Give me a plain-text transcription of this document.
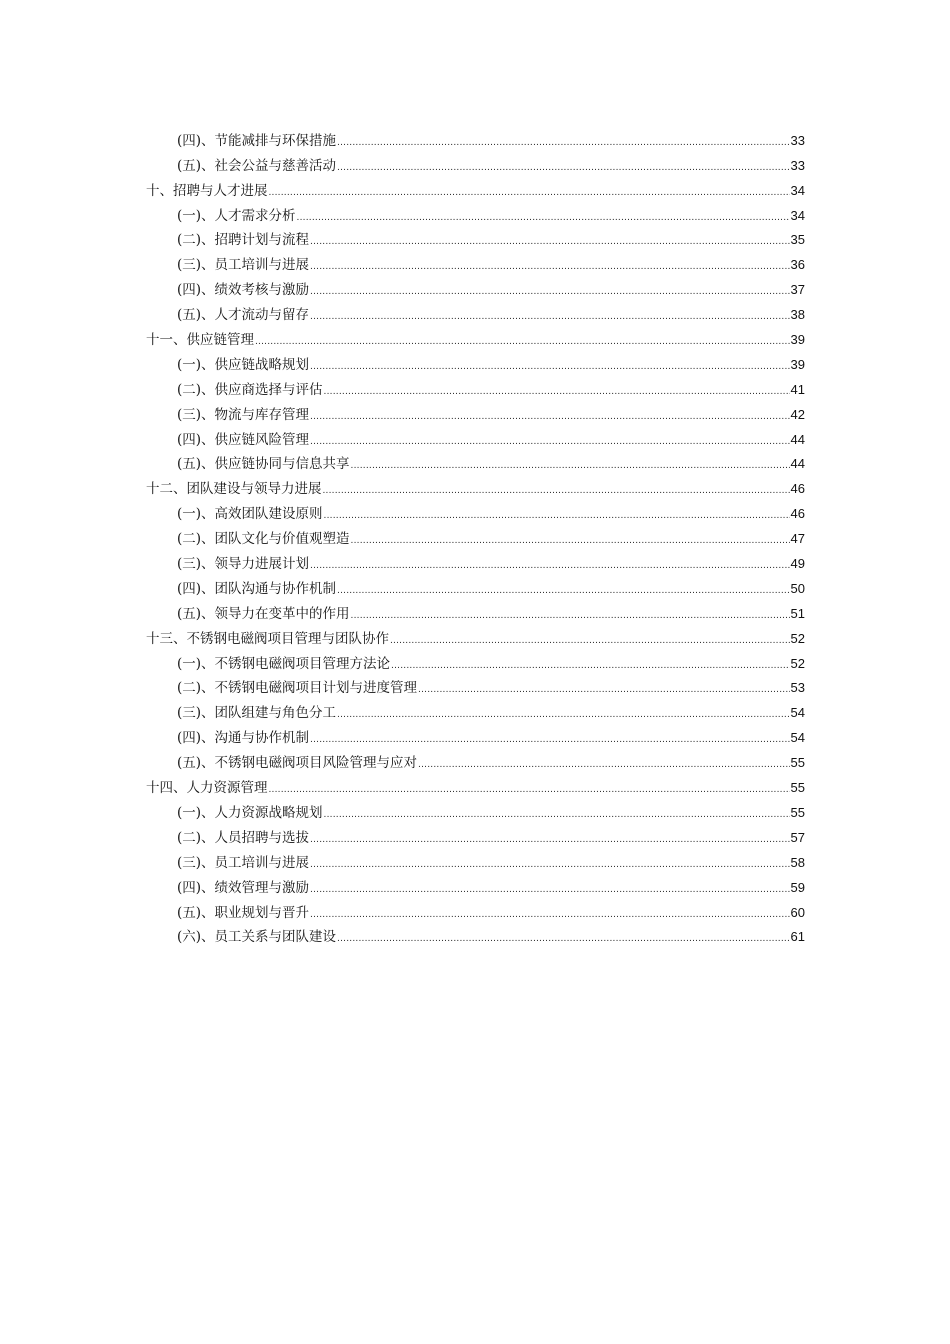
(四)、节能减排与环保措施 .....	33
(五)、社会公益与慈善活动 .....	33
十、招聘与人才进展 .....	34
(一)、人才需求分析 .....	34
(二)、招聘计划与流程 .....	35
(三)、员工培训与进展 .....	36
(四)、绩效考核与激励 .....	37
(五)、人才流动与留存 .....	38
十一、供应链管理 .....	39
(一)、供应链战略规划 .....	39
(二)、供应商选择与评估 .....	41
(三)、物流与库存管理 .....	42
(四)、供应链风险管理 .....	44
(五)、供应链协同与信息共享 .....	44
十二、团队建设与领导力进展 .....	46
(一)、高效团队建设原则 .....	46
(二)、团队文化与价值观塑造 .....	47
(三)、领导力进展计划 .....	49
(四)、团队沟通与协作机制 .....	50
(五)、领导力在变革中的作用 .....	51
十三、不锈钢电磁阀项目管理与团队协作 .....	52
(一)、不锈钢电磁阀项目管理方法论 .....	52
(二)、不锈钢电磁阀项目计划与进度管理 .....	53
(三)、团队组建与角色分工 .....	54
(四)、沟通与协作机制 .....	54
(五)、不锈钢电磁阀项目风险管理与应对 .....	55
十四、人力资源管理 .....	55
(一)、人力资源战略规划 .....	55
(二)、人员招聘与选拔 .....	57
(三)、员工培训与进展 .....	58
(四)、绩效管理与激励 .....	59
(五)、职业规划与晋升 .....	60
(六)、员工关系与团队建设 .....	61
